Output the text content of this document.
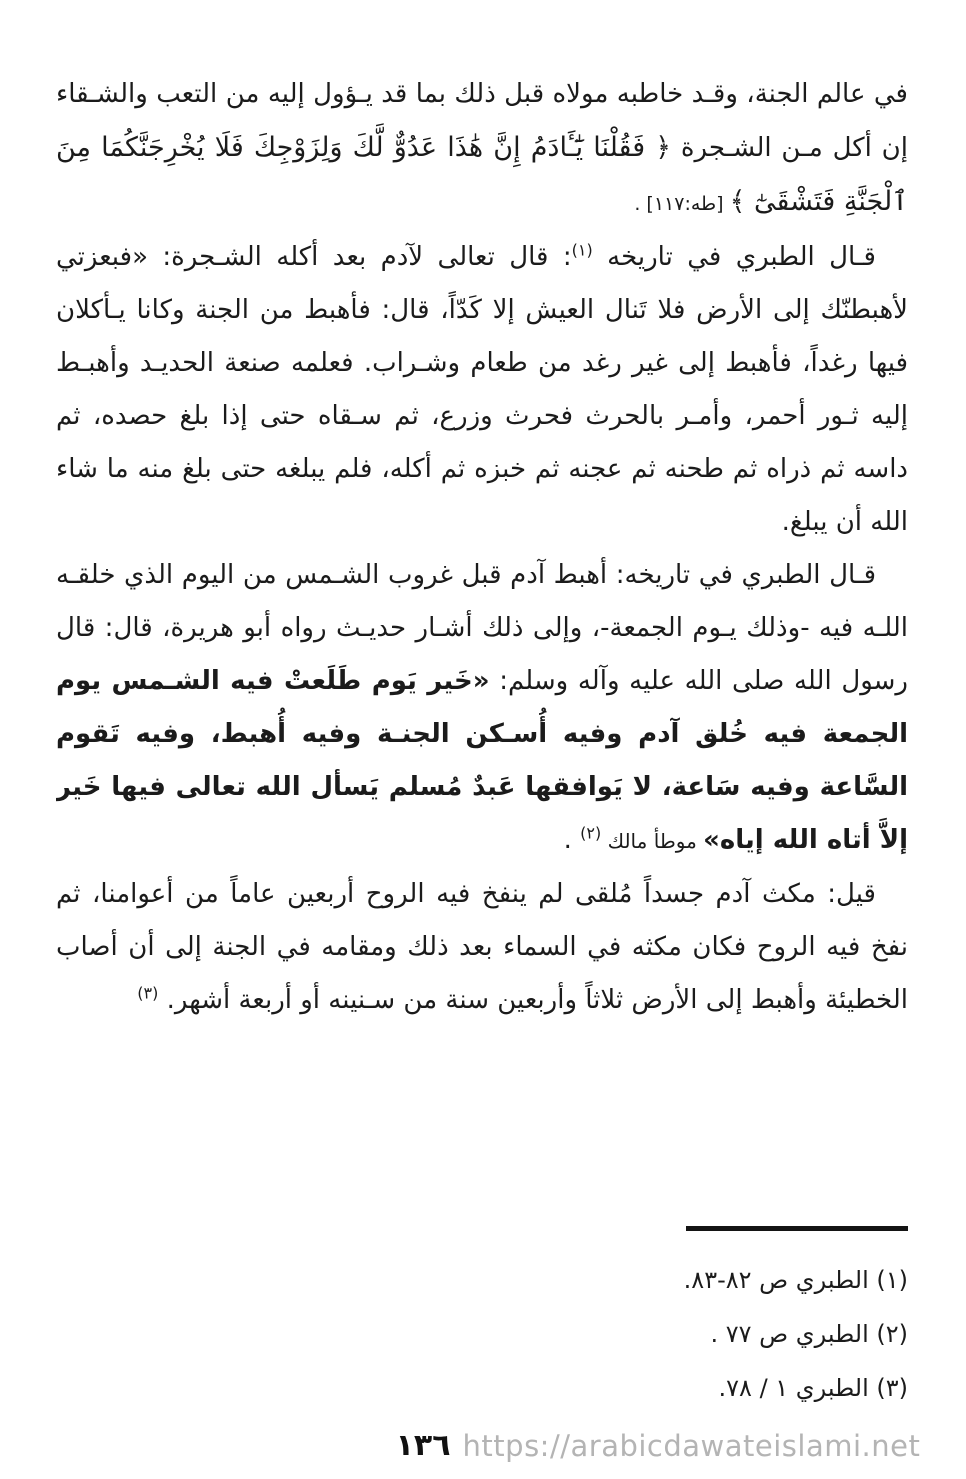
في عالم الجنة، وقـد خاطبه مولاه قبل ذلك بما قد يـؤول إليه من التعب والشـقاء إن أكل مـن الشـجرة ﴿ فَقُلْنَا يَٰٓـَٔادَمُ إِنَّ هَٰذَا عَدُوٌّ لَّكَ وَلِزَوْجِكَ فَلَا يُخْرِجَنَّكُمَا مِنَ ٱلْجَنَّةِ فَتَشْقَىٰٓ ﴾ [طه:١١٧] .

قـال الطبري في تاريخه $^{(١)}$: قال تعالى لآدم بعد أكله الشـجرة: «فبعزتي لأهبطنّك إلى الأرض فلا تَنال العيش إلا كَدّاً، قال: فأهبط من الجنة وكانا يـأكلان فيها رغداً، فأهبط إلى غير رغد من طعام وشـراب. فعلمه صنعة الحديـد وأهبـط إليه ثـور أحمر، وأمـر بالحرث فحرث وزرع، ثم سـقاه حتى إذا بلغ حصده، ثم داسه ثم ذراه ثم طحنه ثم عجنه ثم خبزه ثم أكله، فلم يبلغه حتى بلغ منه ما شاء الله أن يبلغ.

قـال الطبري في تاريخه: أهبط آدم قبل غروب الشـمس من اليوم الذي خلقـه اللـه فيه -وذلك يـوم الجمعة-، وإلى ذلك أشـار حديـث رواه أبو هريرة، قال: قال رسول الله صلى الله عليه وآله وسلم: «خَير يَوم طَلَعتْ فيه الشـمس يوم الجمعة فيه خُلق آدم وفيه أُسـكن الجنـة وفيه أُهبط، وفيه تَقوم السَّاعة وفيه سَاعة، لا يَوافقها عَبدٌ مُسلم يَسأل الله تعالى فيها خَير إلاَّ أتاه الله إياه» موطأ مالك $^{(٢)}$ .

قيل: مكث آدم جسداً مُلقى لم ينفخ فيه الروح أربعين عاماً من أعوامنا، ثم نفخ فيه الروح فكان مكثه في السماء بعد ذلك ومقامه في الجنة إلى أن أصاب الخطيئة وأهبط إلى الأرض ثلاثاً وأربعين سنة من سـنينه أو أربعة أشهر. $^{(٣)}$

(١) الطبري ص ٨٢-٨٣.
(٢) الطبري ص ٧٧ .
(٣) الطبري ١ / ٧٨.
١٣٦ https://arabicdawateislami.net
